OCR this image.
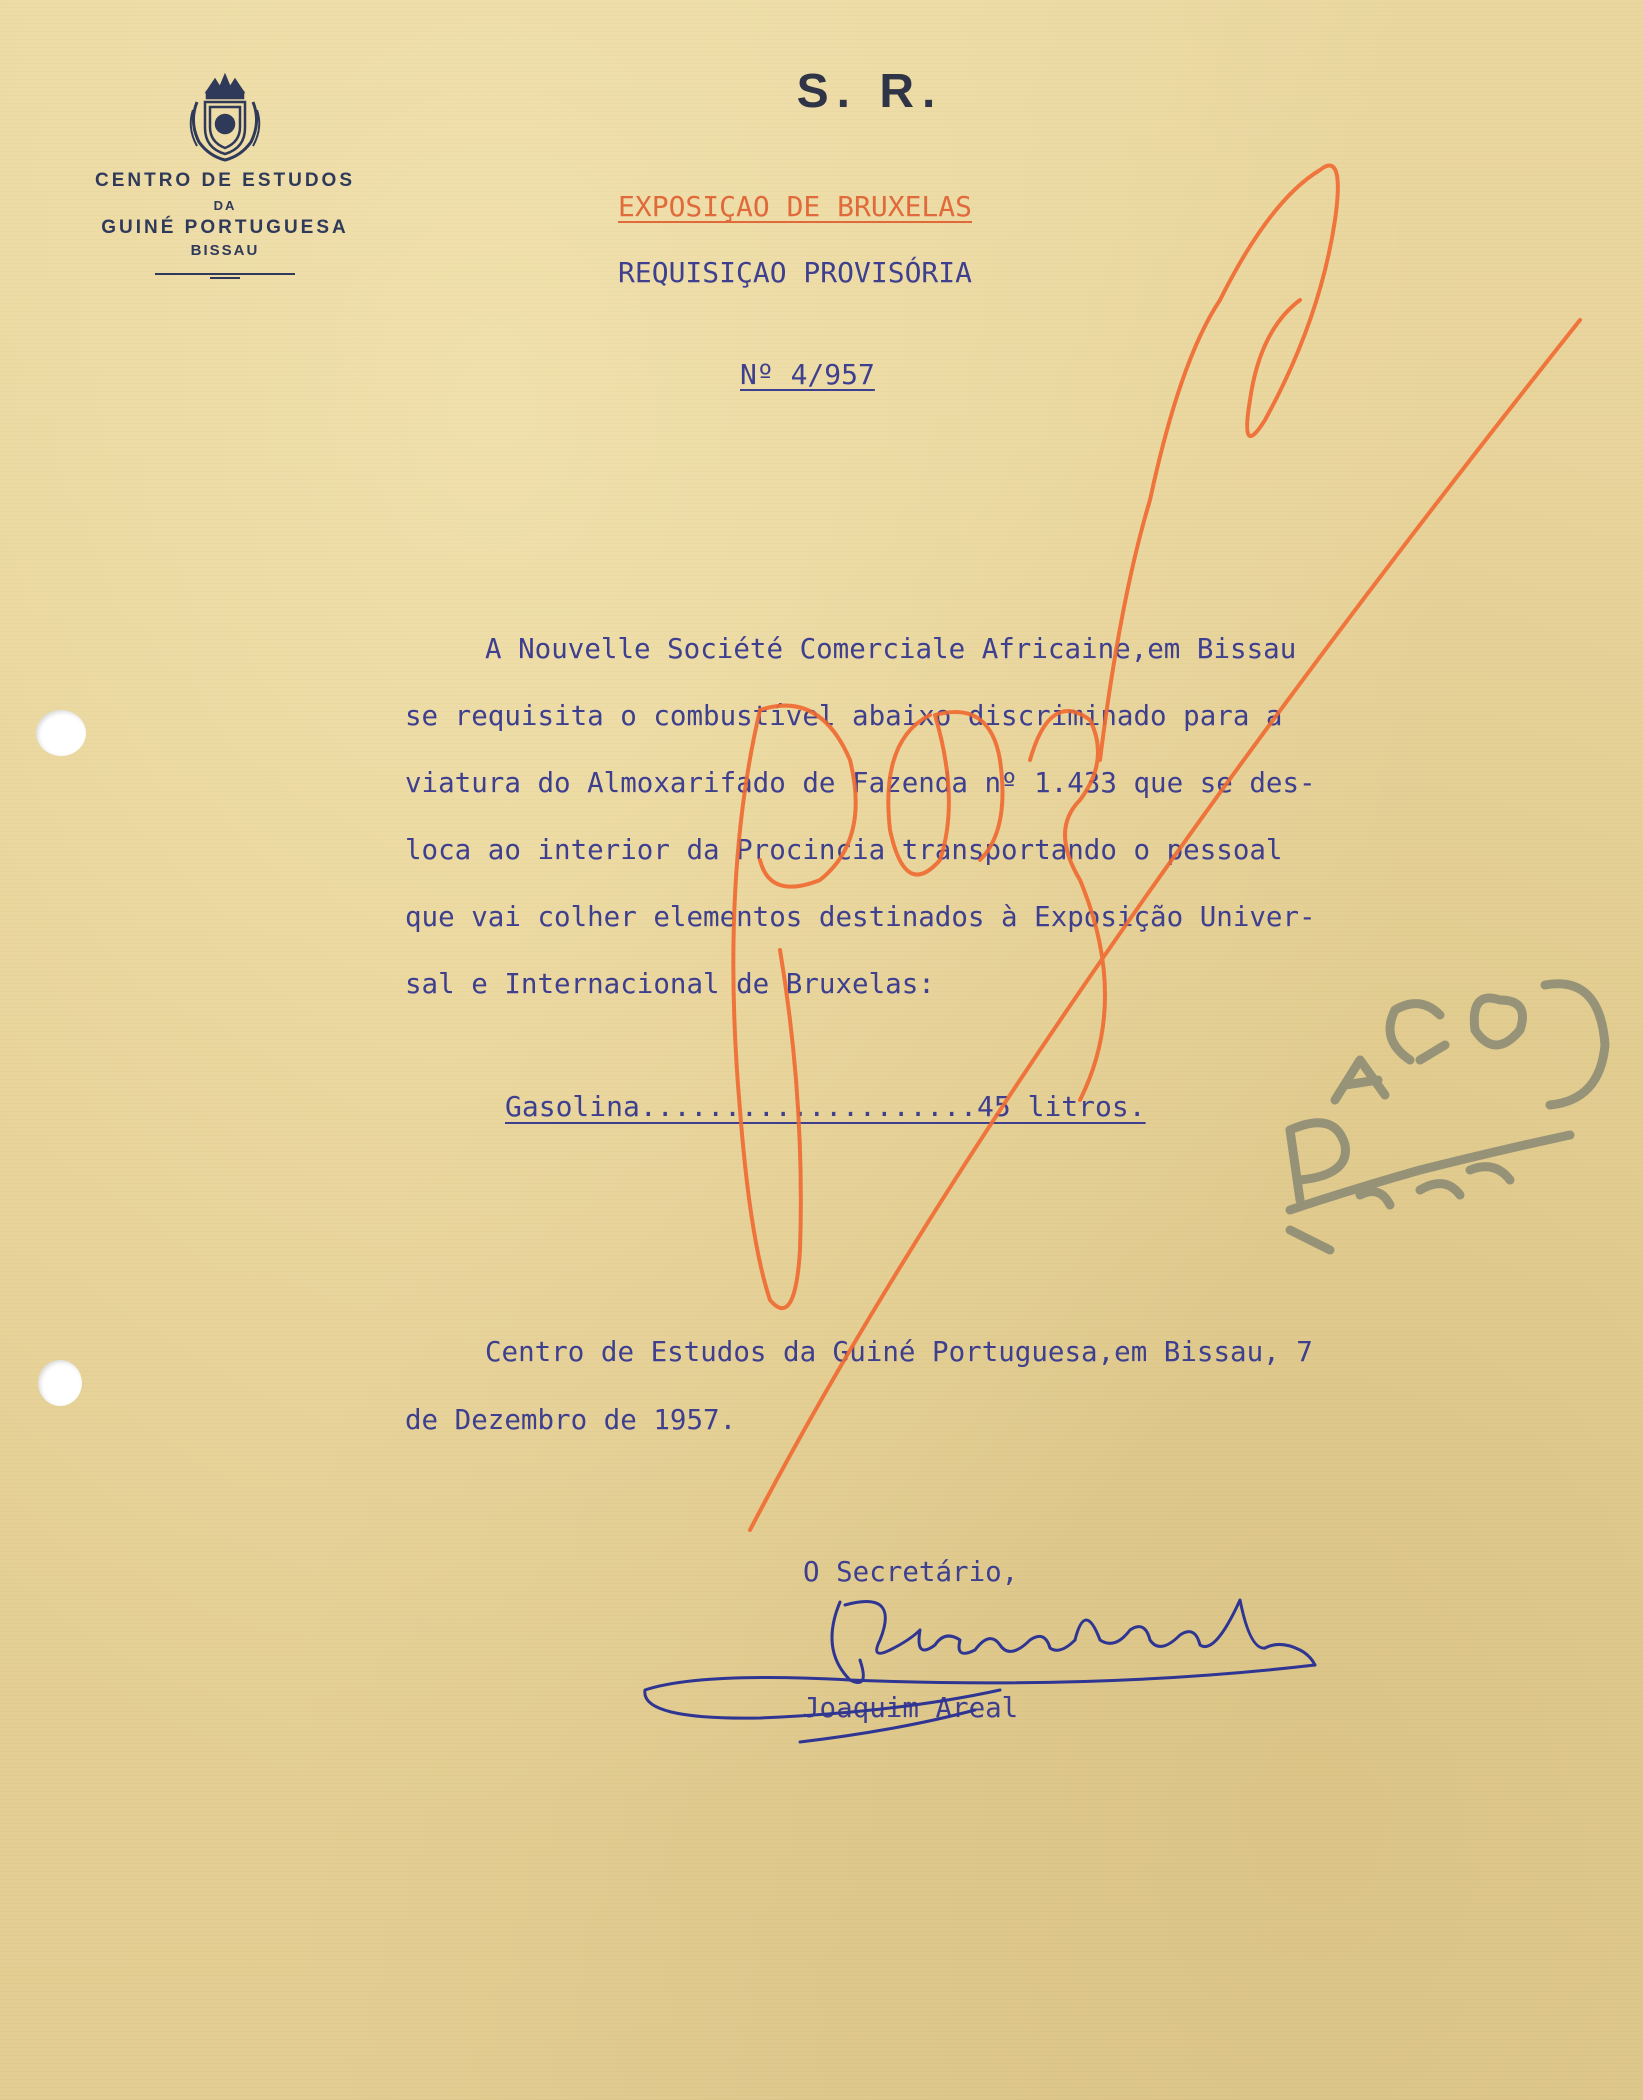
CENTRO DE ESTUDOS
DA
GUINÉ PORTUGUESA
BISSAU
S. R.
EXPOSIÇAO DE BRUXELAS
REQUISIÇAO PROVISÓRIA
Nº 4/957
A Nouvelle Société Comerciale Africaine,em Bissau
se requisita o combustível abaixo discriminado para a
viatura do Almoxarifado de Fazenda nº 1.433 que se des-
loca ao interior da Procincia transportando o pessoal
que vai colher elementos destinados à Exposição Univer-
sal e Internacional de Bruxelas:
Gasolina....................45 litros.
Centro de Estudos da Guiné Portuguesa,em Bissau, 7
de Dezembro de 1957.
O Secretário,
Joaquim Areal
